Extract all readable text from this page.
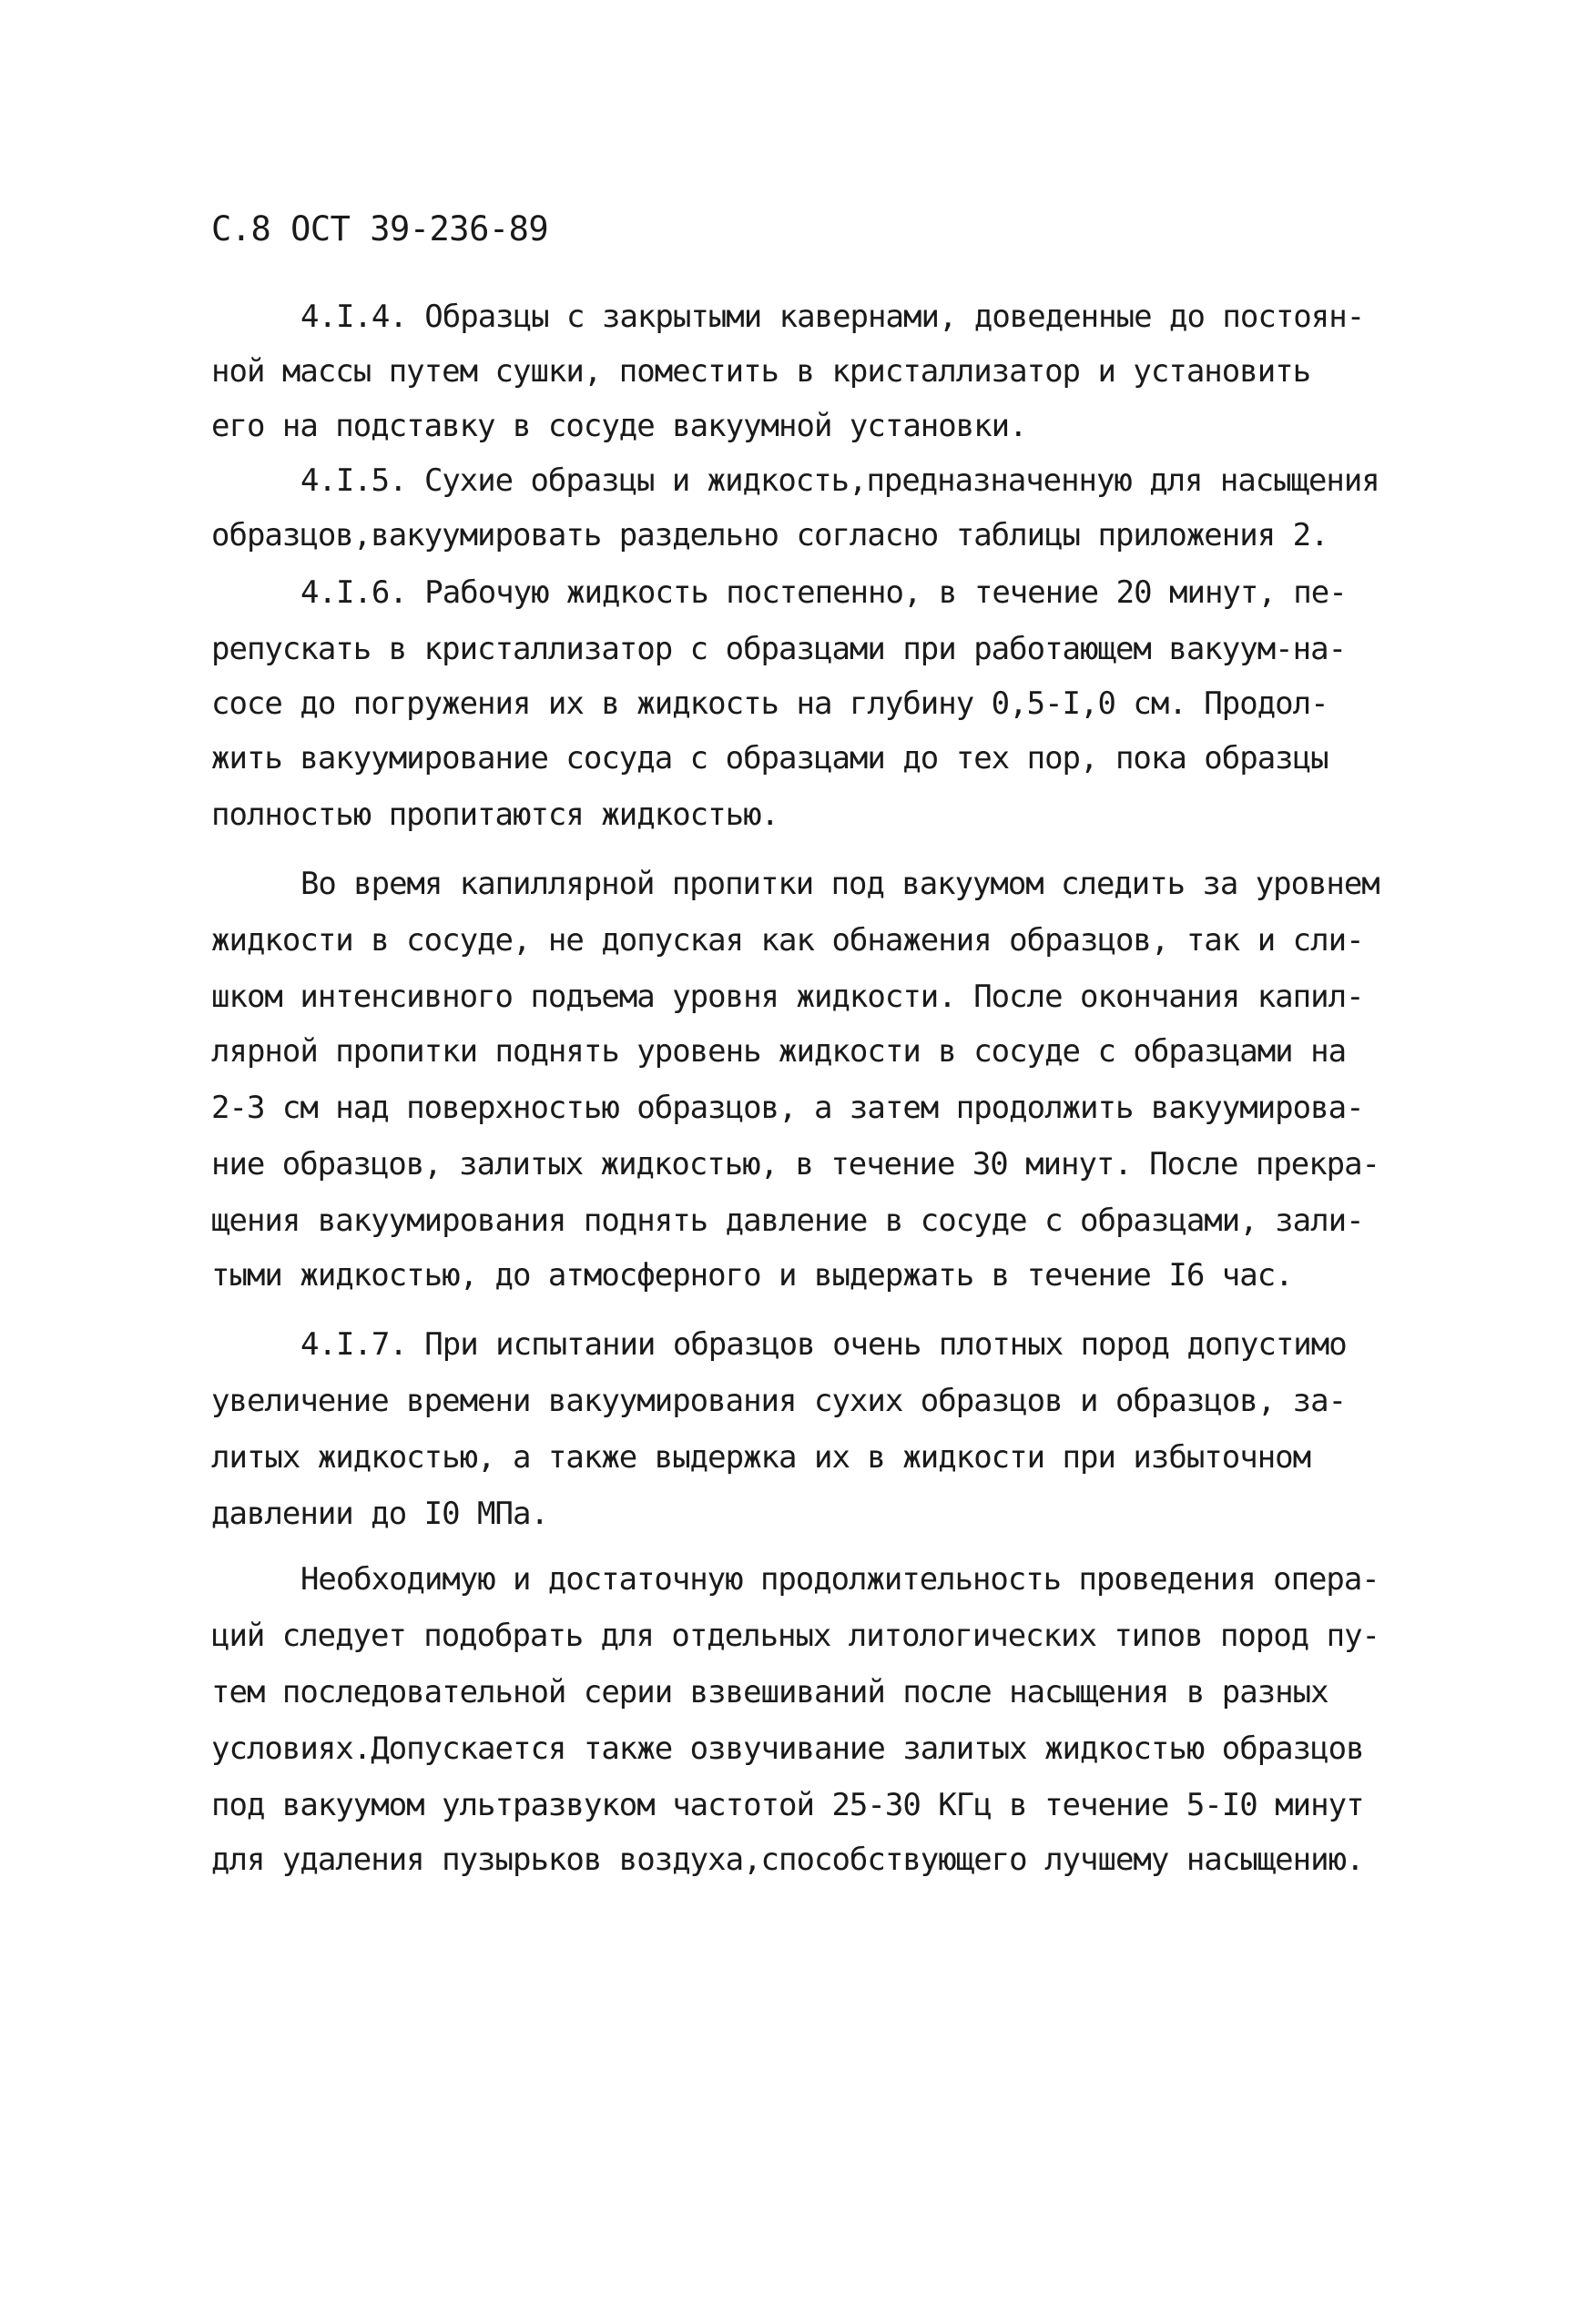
С.8 ОСТ 39-236-89
4.I.4. Образцы с закрытыми кавернами, доведенные до постоян-
ной массы путем сушки, поместить в кристаллизатор и установить
его на подставку в сосуде вакуумной установки.
4.I.5. Сухие образцы и жидкость,предназначенную для насыщения
образцов,вакуумировать раздельно согласно таблицы приложения 2.
4.I.6. Рабочую жидкость постепенно, в течение 20 минут, пе-
репускать в кристаллизатор с образцами при работающем вакуум-на-
сосе до погружения их в жидкость на глубину 0,5-I,0 см. Продол-
жить вакуумирование сосуда с образцами до тех пор, пока образцы
полностью пропитаются жидкостью.
Во время капиллярной пропитки под вакуумом следить за уровнем
жидкости в сосуде, не допуская как обнажения образцов, так и сли-
шком интенсивного подъема уровня жидкости. После окончания капил-
лярной пропитки поднять уровень жидкости в сосуде с образцами на
2-3 см над поверхностью образцов, а затем продолжить вакуумирова-
ние образцов, залитых жидкостью, в течение 30 минут. После прекра-
щения вакуумирования поднять давление в сосуде с образцами, зали-
тыми жидкостью, до атмосферного и выдержать в течение I6 час.
4.I.7. При испытании образцов очень плотных пород допустимо
увеличение времени вакуумирования сухих образцов и образцов, за-
литых жидкостью, а также выдержка их в жидкости при избыточном
давлении до I0 МПа.
Необходимую и достаточную продолжительность проведения опера-
ций следует подобрать для отдельных литологических типов пород пу-
тем последовательной серии взвешиваний после насыщения в разных
условиях.Допускается также озвучивание залитых жидкостью образцов
под вакуумом ультразвуком частотой 25-30 КГц в течение 5-I0 минут
для удаления пузырьков воздуха,способствующего лучшему насыщению.
